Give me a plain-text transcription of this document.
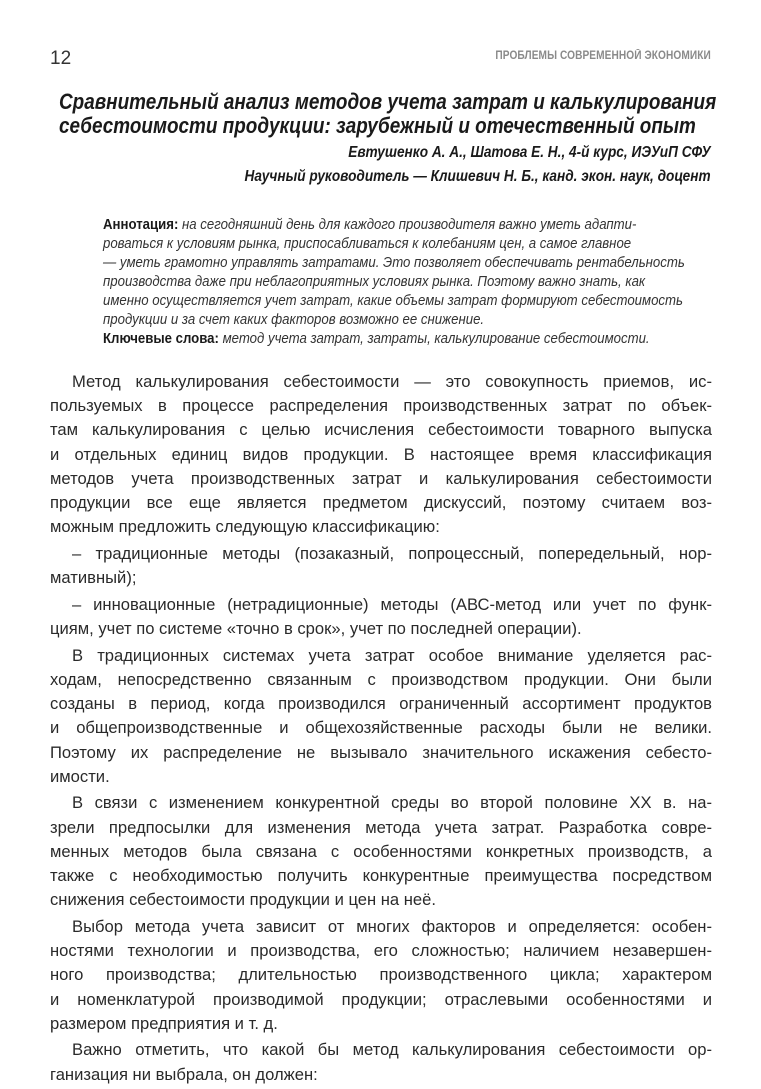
12	ПРОБЛЕМЫ СОВРЕМЕННОЙ ЭКОНОМИКИ
Сравнительный анализ методов учета затрат и калькулирования
себестоимости продукции: зарубежный и отечественный опыт
Евтушенко А. А., Шатова Е. Н., 4-й курс, ИЭУиП СФУ
Научный руководитель — Клишевич Н. Б., канд. экон. наук, доцент
Аннотация: на сегодняшний день для каждого производителя важно уметь адапти-
роваться к условиям рынка, приспосабливаться к колебаниям цен, а самое главное
— уметь грамотно управлять затратами. Это позволяет обеспечивать рентабельность
производства даже при неблагоприятных условиях рынка. Поэтому важно знать, как
именно осуществляется учет затрат, какие объемы затрат формируют себестоимость
продукции и за счет каких факторов возможно ее снижение.
Ключевые слова: метод учета затрат, затраты, калькулирование себестоимости.
Метод калькулирования себестоимости — это совокупность приемов, ис-
пользуемых в процессе распределения производственных затрат по объек-
там калькулирования с целью исчисления себестоимости товарного выпуска
и отдельных единиц видов продукции. В настоящее время классификация
методов учета производственных затрат и калькулирования себестоимости
продукции все еще является предметом дискуссий, поэтому считаем воз-
можным предложить следующую классификацию:
– традиционные методы (позаказный, попроцессный, попередельный, нор-
мативный);
– инновационные (нетрадиционные) методы (АВС-метод или учет по функ-
циям, учет по системе «точно в срок», учет по последней операции).
В традиционных системах учета затрат особое внимание уделяется рас-
ходам, непосредственно связанным с производством продукции. Они были
созданы в период, когда производился ограниченный ассортимент продуктов
и общепроизводственные и общехозяйственные расходы были не велики.
Поэтому их распределение не вызывало значительного искажения себесто-
имости.
В связи с изменением конкурентной среды во второй половине XX в. на-
зрели предпосылки для изменения метода учета затрат. Разработка совре-
менных методов была связана с особенностями конкретных производств, а
также с необходимостью получить конкурентные преимущества посредством
снижения себестоимости продукции и цен на неё.
Выбор метода учета зависит от многих факторов и определяется: особен-
ностями технологии и производства, его сложностью; наличием незавершен-
ного производства; длительностью производственного цикла; характером
и номенклатурой производимой продукции; отраслевыми особенностями и
размером предприятия и т. д.
Важно отметить, что какой бы метод калькулирования себестоимости ор-
ганизация ни выбрала, он должен:
